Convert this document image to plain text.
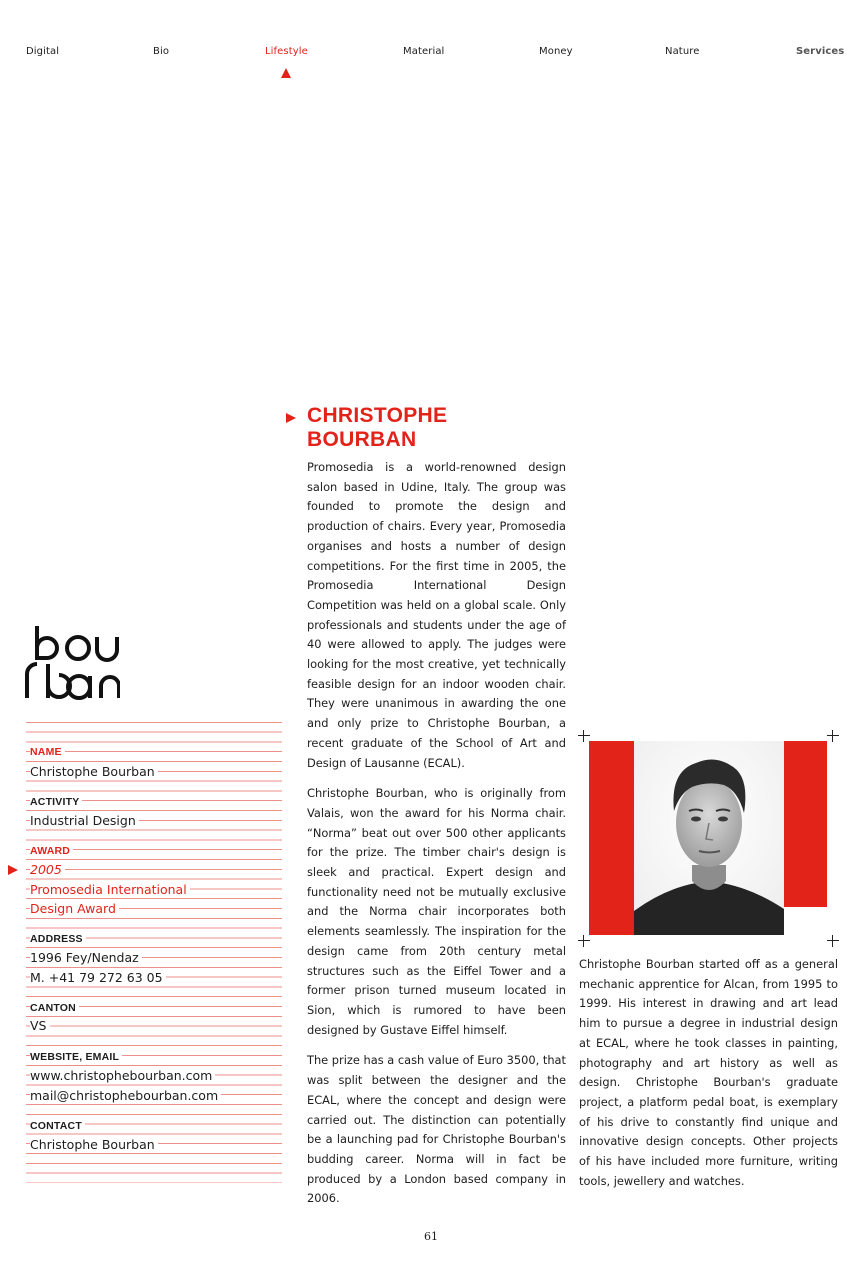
Digital	Bio	Lifestyle	Material	Money	Nature	Services
NAME
Christophe Bourban
ACTIVITY
Industrial Design
AWARD
2005
Promosedia International
Design Award
ADDRESS
1996 Fey/Nendaz
M. +41 79 272 63 05
CANTON
VS
WEBSITE, EMAIL
www.christophebourban.com
mail@christophebourban.com
CONTACT
Christophe Bourban
CHRISTOPHE
BOURBAN

Promosedia is a world-renowned design salon based in Udine, Italy. The group was founded to promote the design and production of chairs. Every year, Promosedia organises and hosts a number of design competitions. For the first time in 2005, the Promosedia International Design Competition was held on a global scale. Only professionals and students under the age of 40 were allowed to apply. The judges were looking for the most creative, yet technically feasible design for an indoor wooden chair. They were unanimous in awarding the one and only prize to Christophe Bourban, a recent graduate of the School of Art and Design of Lausanne (ECAL).

Christophe Bourban, who is originally from Valais, won the award for his Norma chair. “Norma” beat out over 500 other applicants for the prize. The timber chair's design is sleek and practical. Expert design and functionality need not be mutually exclusive and the Norma chair incorporates both elements seamlessly. The inspiration for the design came from 20th century metal structures such as the Eiffel Tower and a former prison turned museum located in Sion, which is rumored to have been designed by Gustave Eiffel himself.

The prize has a cash value of Euro 3500, that was split between the designer and the ECAL, where the concept and design were carried out. The distinction can potentially be a launching pad for Christophe Bourban's budding career. Norma will in fact be produced by a London based company in 2006.

Christophe Bourban started off as a general mechanic apprentice for Alcan, from 1995 to 1999. His interest in drawing and art lead him to pursue a degree in industrial design at ECAL, where he took classes in painting, photography and art history as well as design. Christophe Bourban's graduate project, a platform pedal boat, is exemplary of his drive to constantly find unique and innovative design concepts. Other projects of his have included more furniture, writing tools, jewellery and watches.

61
